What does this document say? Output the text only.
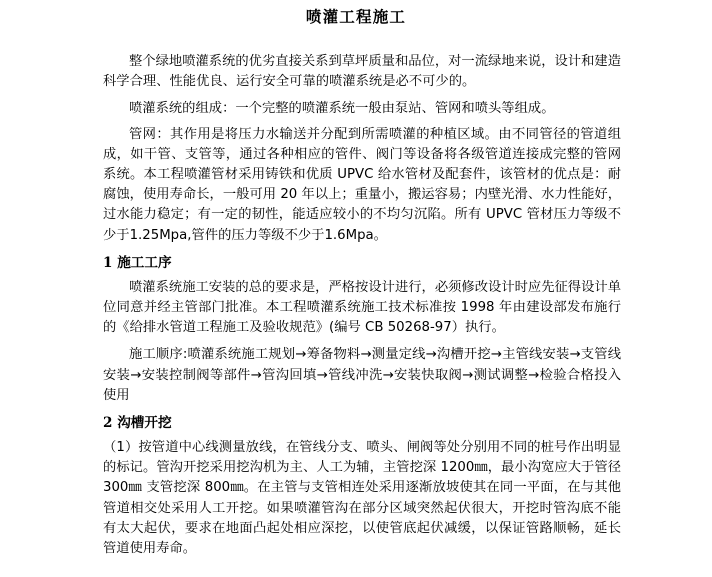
喷灌工程施工

整个绿地喷灌系统的优劣直接关系到草坪质量和品位，对一流绿地来说，设计和建造科学合理、性能优良、运行安全可靠的喷灌系统是必不可少的。

喷灌系统的组成：一个完整的喷灌系统一般由泵站、管网和喷头等组成。

管网：其作用是将压力水输送并分配到所需喷灌的种植区域。由不同管径的管道组成，如干管、支管等，通过各种相应的管件、阀门等设备将各级管道连接成完整的管网系统。本工程喷灌管材采用铸铁和优质 UPVC 给水管材及配套件，该管材的优点是：耐腐蚀，使用寿命长，一般可用 20 年以上；重量小，搬运容易；内壁光滑、水力性能好，过水能力稳定；有一定的韧性，能适应较小的不均匀沉陷。所有 UPVC 管材压力等级不少于1.25Mpa,管件的压力等级不少于1.6Mpa。

1 施工工序

喷灌系统施工安装的总的要求是，严格按设计进行，必须修改设计时应先征得设计单位同意并经主管部门批准。本工程喷灌系统施工技术标准按 1998 年由建设部发布施行的《给排水管道工程施工及验收规范》(编号 CB 50268-97）执行。

施工顺序:喷灌系统施工规划→筹备物料→测量定线→沟槽开挖→主管线安装→支管线安装→安装控制阀等部件→管沟回填→管线冲洗→安装快取阀→测试调整→检验合格投入使用

2 沟槽开挖

（1）按管道中心线测量放线，在管线分支、喷头、闸阀等处分别用不同的桩号作出明显的标记。管沟开挖采用挖沟机为主、人工为辅，主管挖深 1200㎜，最小沟宽应大于管径 300㎜ 支管挖深 800㎜。在主管与支管相连处采用逐渐放坡使其在同一平面，在与其他管道相交处采用人工开挖。如果喷灌管沟在部分区域突然起伏很大，开挖时管沟底不能有太大起伏，要求在地面凸起处相应深挖，以使管底起伏减缓，以保证管路顺畅，延长管道使用寿命。
